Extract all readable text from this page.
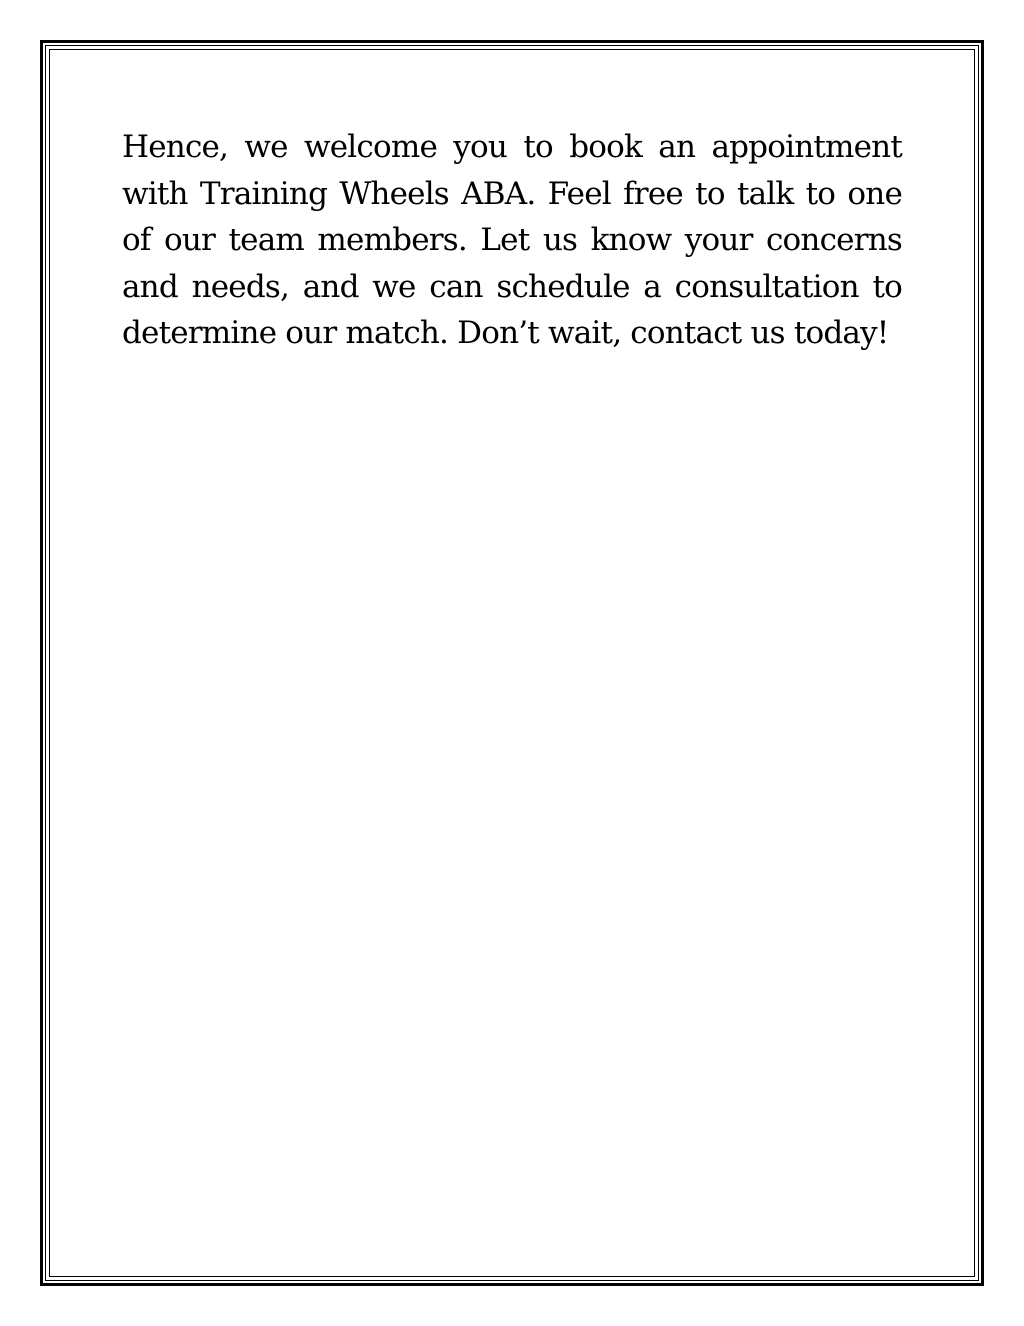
Hence, we welcome you to book an appointment with Training Wheels ABA. Feel free to talk to one of our team members. Let us know your concerns and needs, and we can schedule a consultation to determine our match. Don’t wait, contact us today!
